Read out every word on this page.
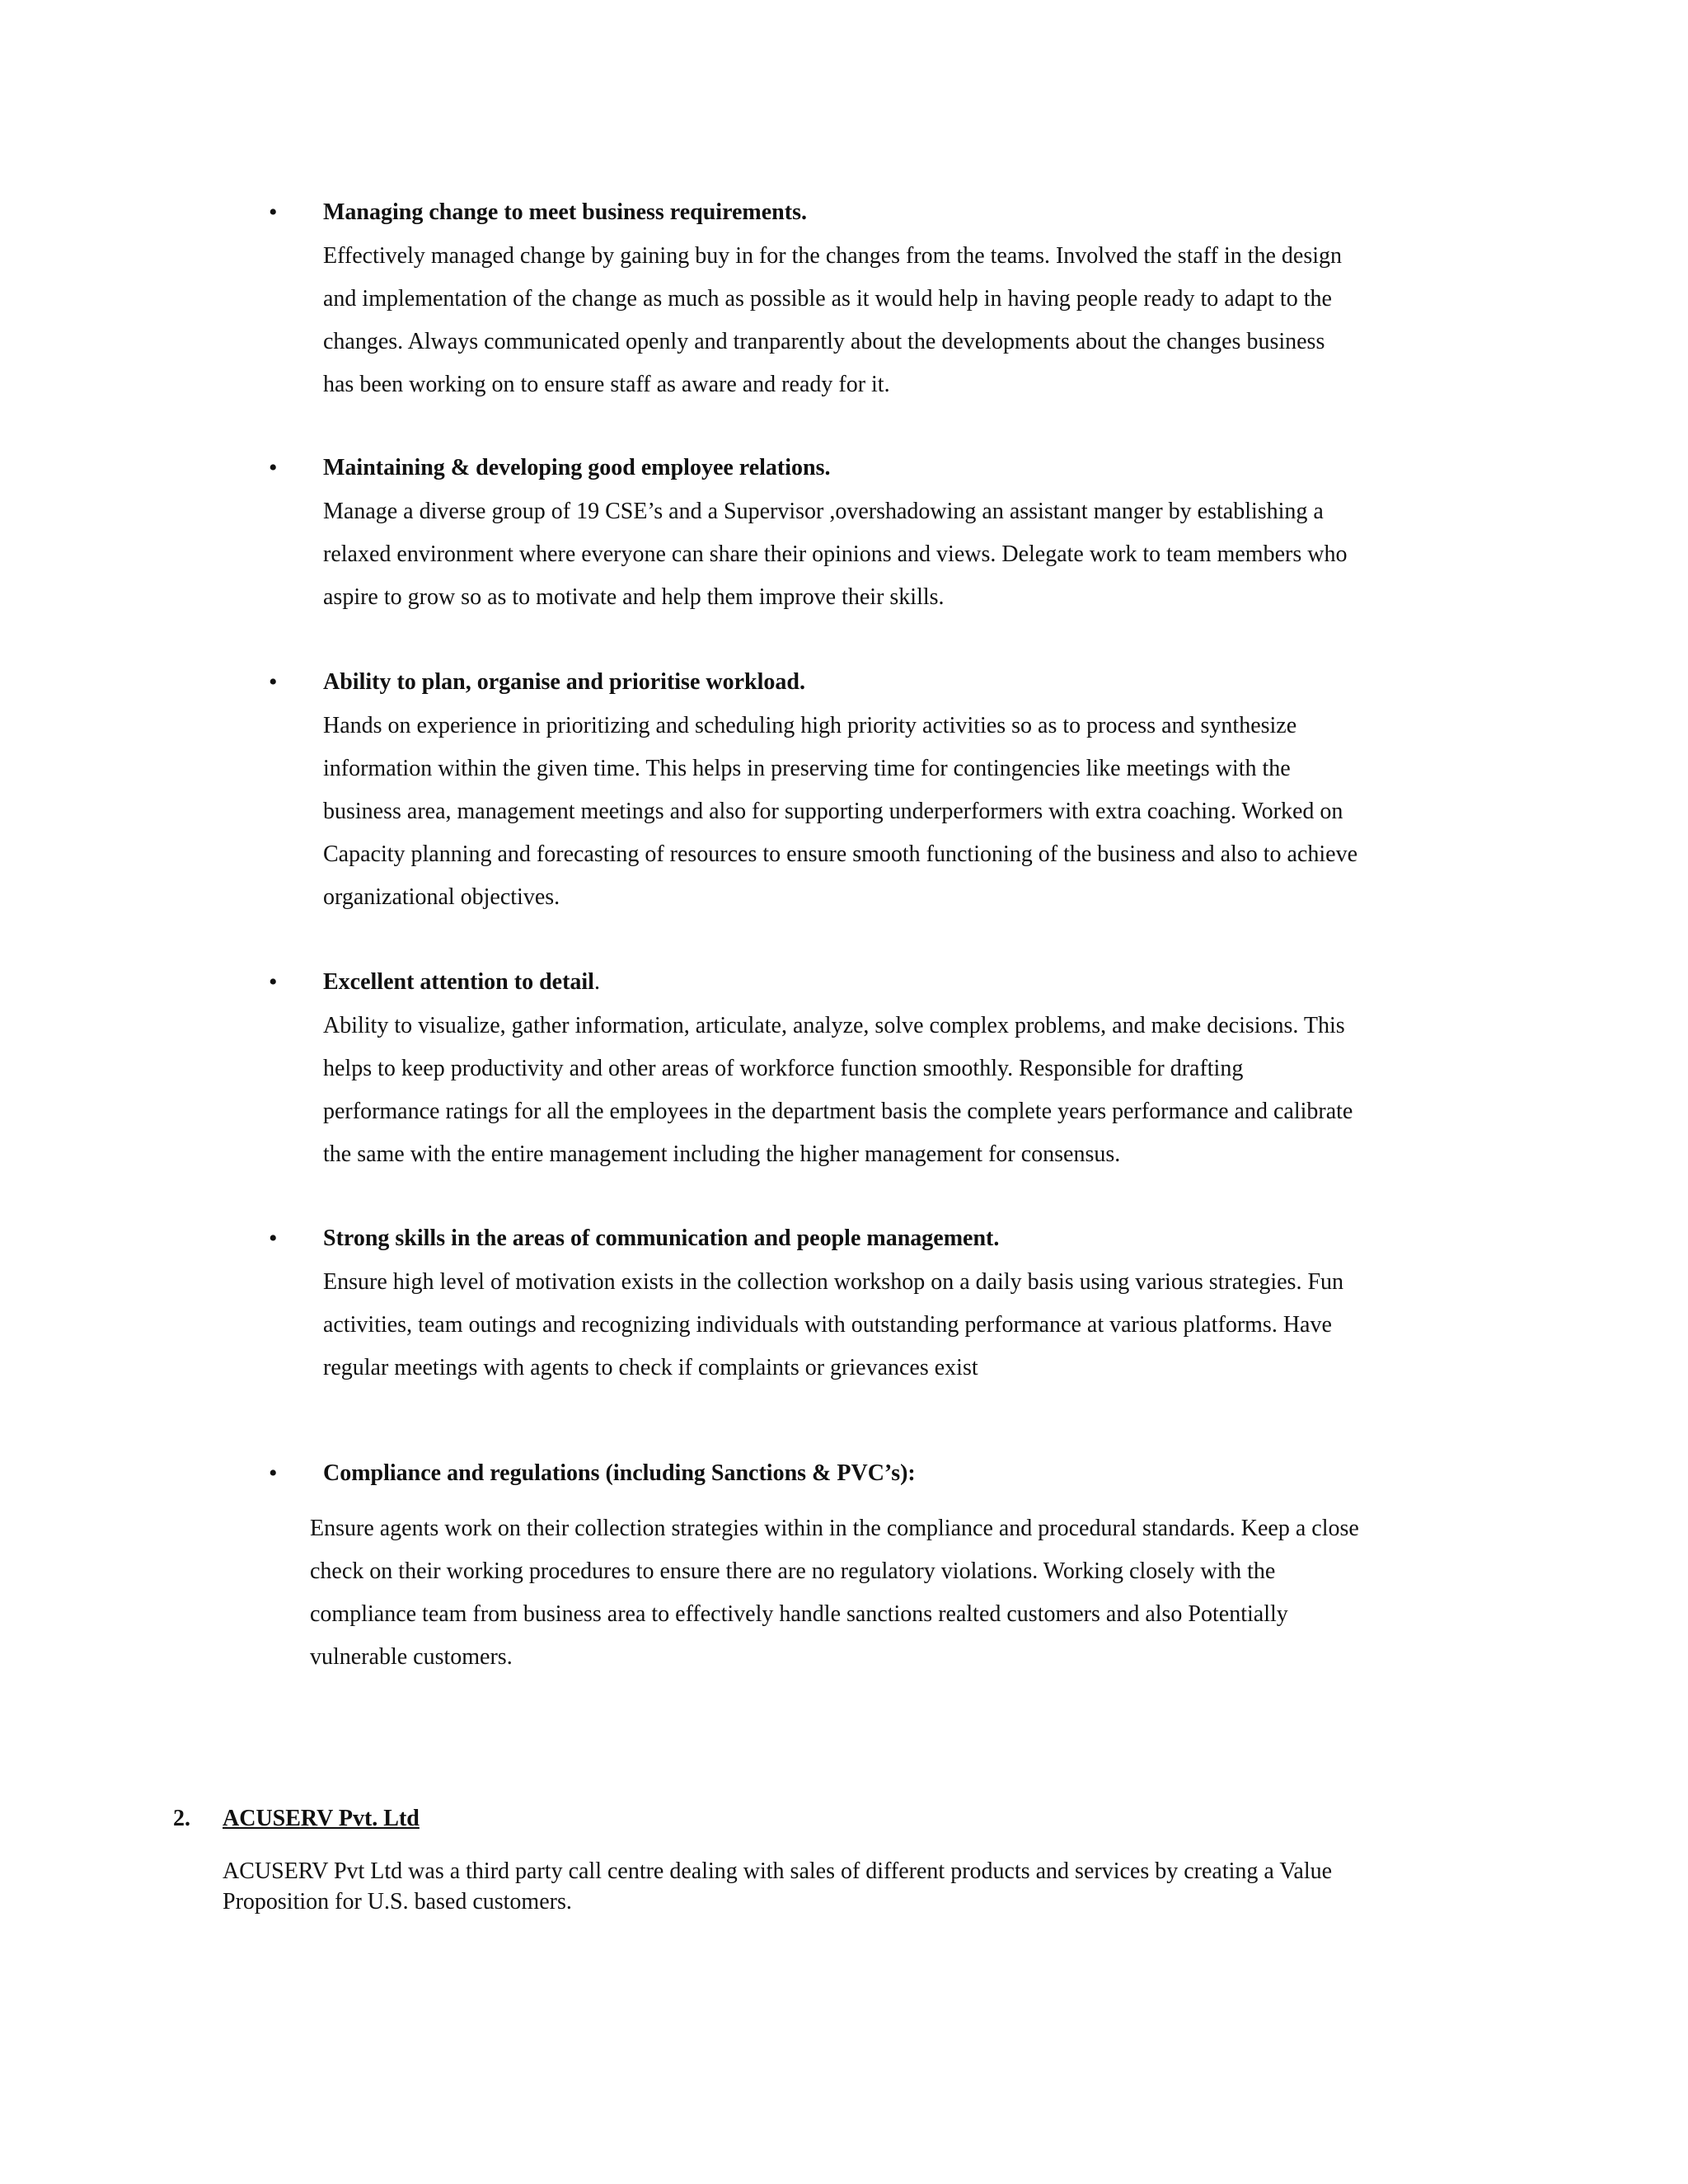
• Managing change to meet business requirements.
Effectively managed change by gaining buy in for the changes from the teams. Involved the staff in the design
and implementation of the change as much as possible as it would help in having people ready to adapt to the
changes. Always communicated openly and tranparently about the developments about the changes business
has been working on to ensure staff as aware and ready for it.
• Maintaining & developing good employee relations.
Manage a diverse group of 19 CSE’s and a Supervisor ,overshadowing an assistant manger by establishing a
relaxed environment where everyone can share their opinions and views. Delegate work to team members who
aspire to grow so as to motivate and help them improve their skills.
• Ability to plan, organise and prioritise workload.
Hands on experience in prioritizing and scheduling high priority activities so as to process and synthesize
information within the given time. This helps in preserving time for contingencies like meetings with the
business area, management meetings and also for supporting underperformers with extra coaching. Worked on
Capacity planning and forecasting of resources to ensure smooth functioning of the business and also to achieve
organizational objectives.
• Excellent attention to detail.
Ability to visualize, gather information, articulate, analyze, solve complex problems, and make decisions. This
helps to keep productivity and other areas of workforce function smoothly. Responsible for drafting
performance ratings for all the employees in the department basis the complete years performance and calibrate
the same with the entire management including the higher management for consensus.
• Strong skills in the areas of communication and people management.
Ensure high level of motivation exists in the collection workshop on a daily basis using various strategies. Fun
activities, team outings and recognizing individuals with outstanding performance at various platforms. Have
regular meetings with agents to check if complaints or grievances exist
• Compliance and regulations (including Sanctions & PVC’s):
Ensure agents work on their collection strategies within in the compliance and procedural standards. Keep a close
check on their working procedures to ensure there are no regulatory violations. Working closely with the
compliance team from business area to effectively handle sanctions realted customers and also Potentially
vulnerable customers.
2. ACUSERV Pvt. Ltd
ACUSERV Pvt Ltd was a third party call centre dealing with sales of different products and services by creating a Value
Proposition for U.S. based customers.
